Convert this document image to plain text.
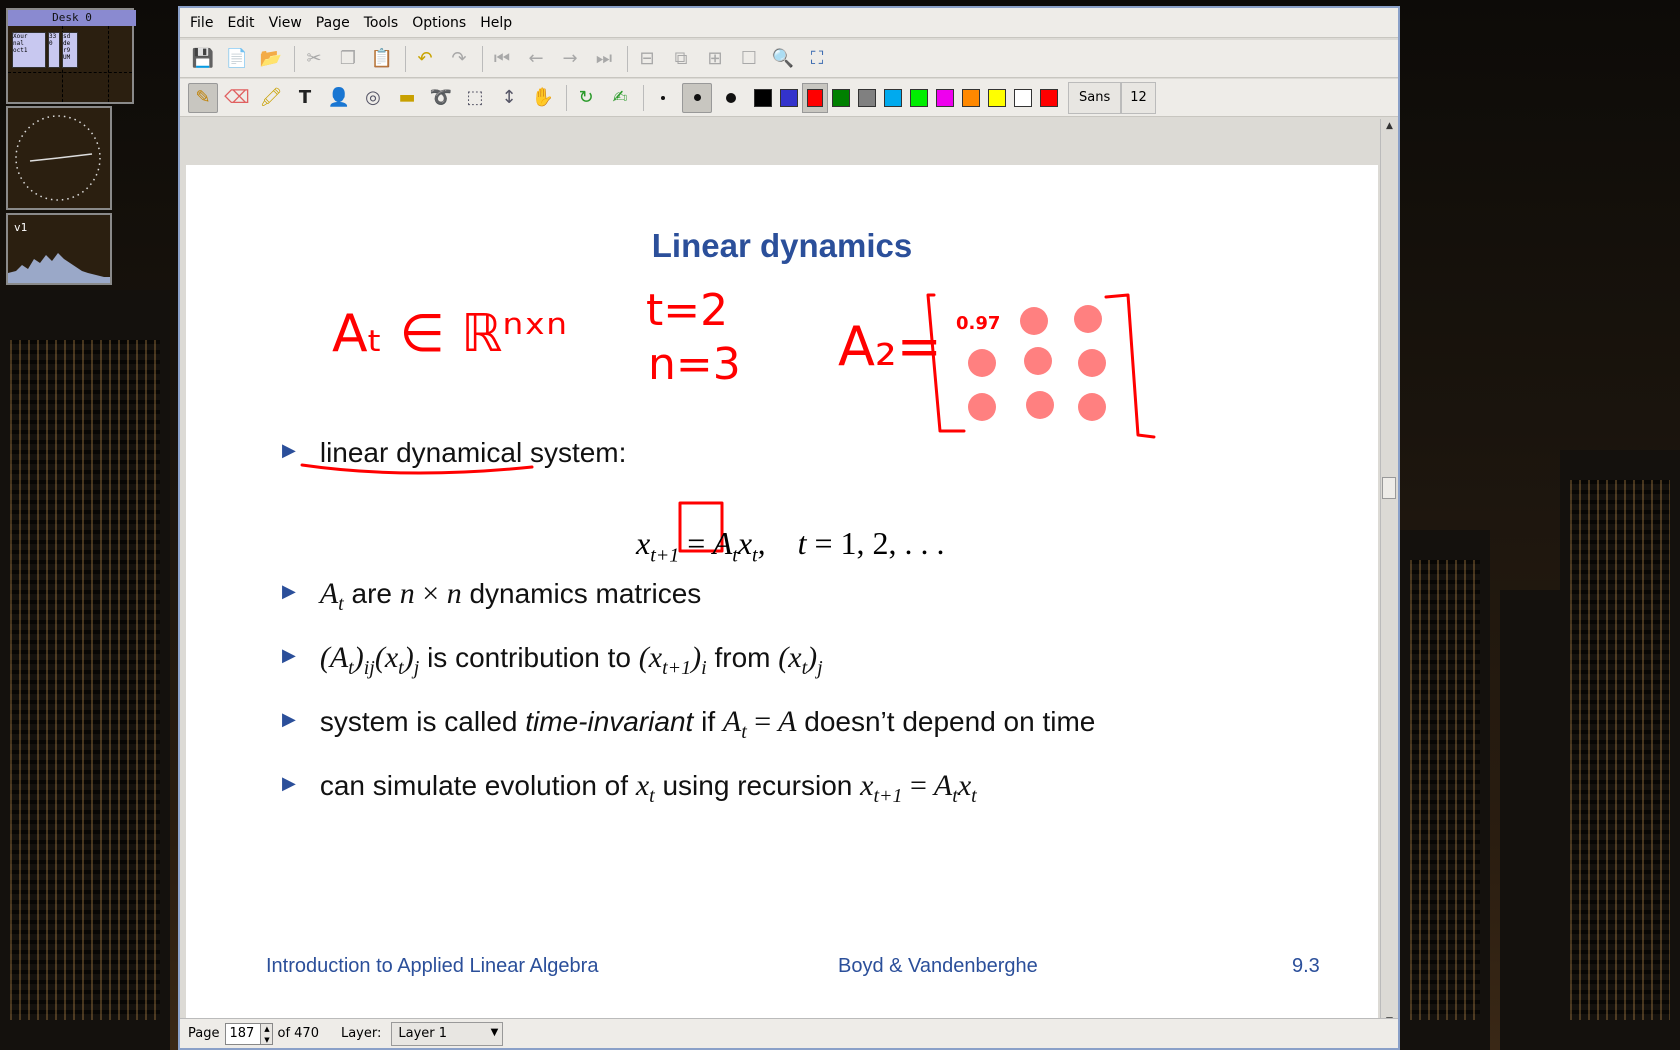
Desk 0
Xour
nal
oct1
33
0
sd
de
r9
UM
v1
File Edit View Page Tools Options Help
💾 📄 📂	✂	❐ 📋	↶	↷	⏮	←	→	⏭	⊟	⧉	⊞	☐ 🔍 ⛶
✎ ⌫ 🖍 T 👤 ◎ ▬ ➰ ⬚ ↕ ✋	↻	✍	Sans	12
Linear dynamics
Aₜ ∈ ℝⁿˣⁿ t=2
n=3 A₂= 0.97
▶ linear dynamical system:
$x_{t+1} = A_tx_t$,    t = 1, 2, . . .
▶ $A_t$ are n × n dynamics matrices
▶ $(A_t)_{ij}(x_t)_j$ is contribution to $(x_{t+1})_i$ from $(x_t)_j$
▶ system is called time-invariant if $A_t = A$ doesn’t depend on time
▶ can simulate evolution of $x_t$ using recursion $x_{t+1} = A_tx_t$
Introduction to Applied Linear Algebra	Boyd & Vandenberghe	9.3
▲
Page
187	▲
▼ of 470 Layer: Layer 1	▼
